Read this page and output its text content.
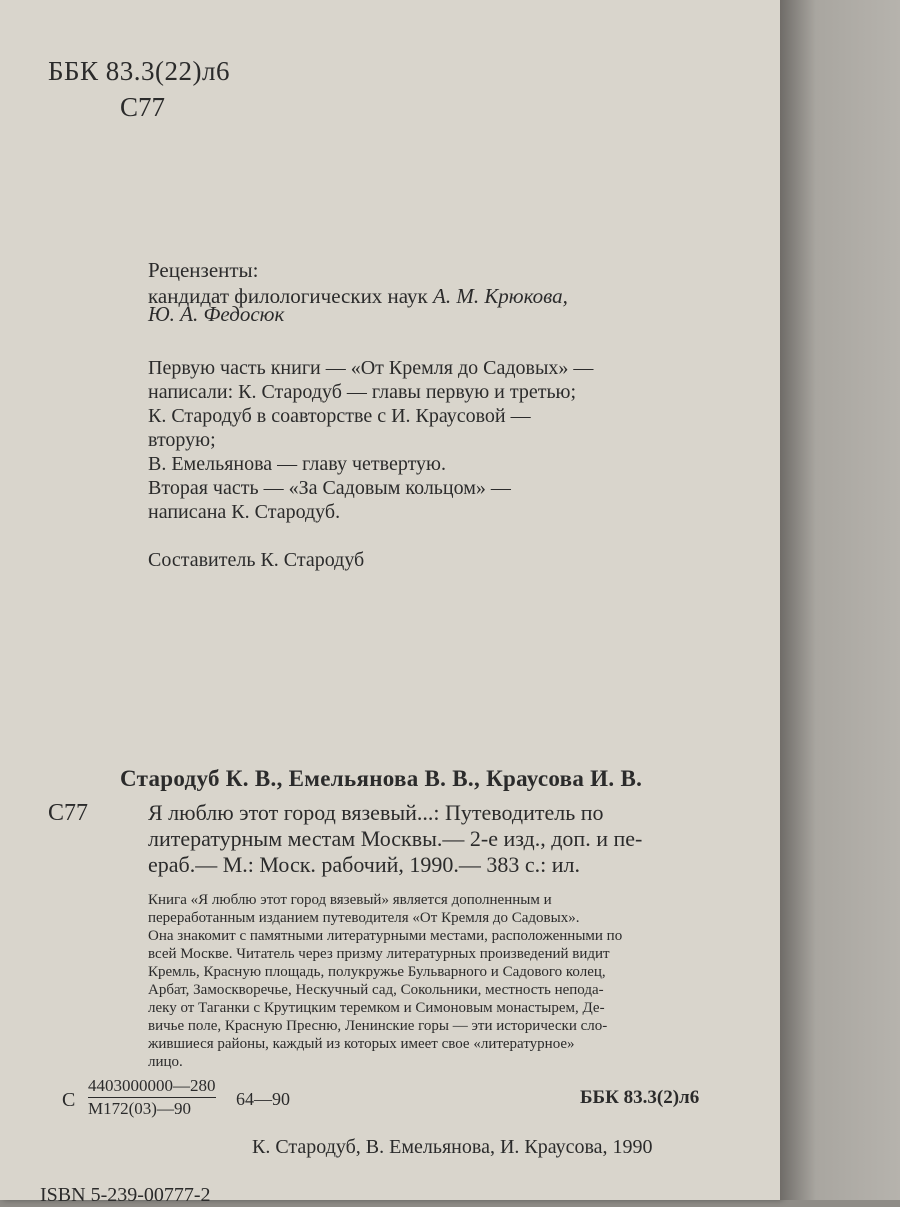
ББК 83.3(22)л6
С77
Рецензенты:
кандидат филологических наук А. М. Крюкова,
Ю. А. Федосюк
Первую часть книги — «От Кремля до Садовых» —
написали: К. Стародуб — главы первую и третью;
К. Стародуб в соавторстве с И. Краусовой —
вторую;
В. Емельянова — главу четвертую.
Вторая часть — «За Садовым кольцом» —
написана К. Стародуб.
Составитель К. Стародуб
Стародуб К. В., Емельянова В. В., Краусова И. В.
С77	Я люблю этот город вязевый...: Путеводитель по
литературным местам Москвы.— 2-е изд., доп. и пе-
ераб.— М.: Моск. рабочий, 1990.— 383 с.: ил.
Книга «Я люблю этот город вязевый» является дополненным и
переработанным изданием путеводителя «От Кремля до Садовых».
Она знакомит с памятными литературными местами, расположенными по
всей Москве. Читатель через призму литературных произведений видит
Кремль, Красную площадь, полукружье Бульварного и Садового колец,
Арбат, Замоскворечье, Нескучный сад, Сокольники, местность непода-
леку от Таганки с Крутицким теремком и Симоновым монастырем, Де-
вичье поле, Красную Пресню, Ленинские горы — эти исторически сло-
жившиеся районы, каждый из которых имеет свое «литературное»
лицо.
С
4403000000—280
М172(03)—90	64—90	ББК 83.3(2)л6
К. Стародуб, В. Емельянова, И. Краусова, 1990
ISBN 5-239-00777-2
